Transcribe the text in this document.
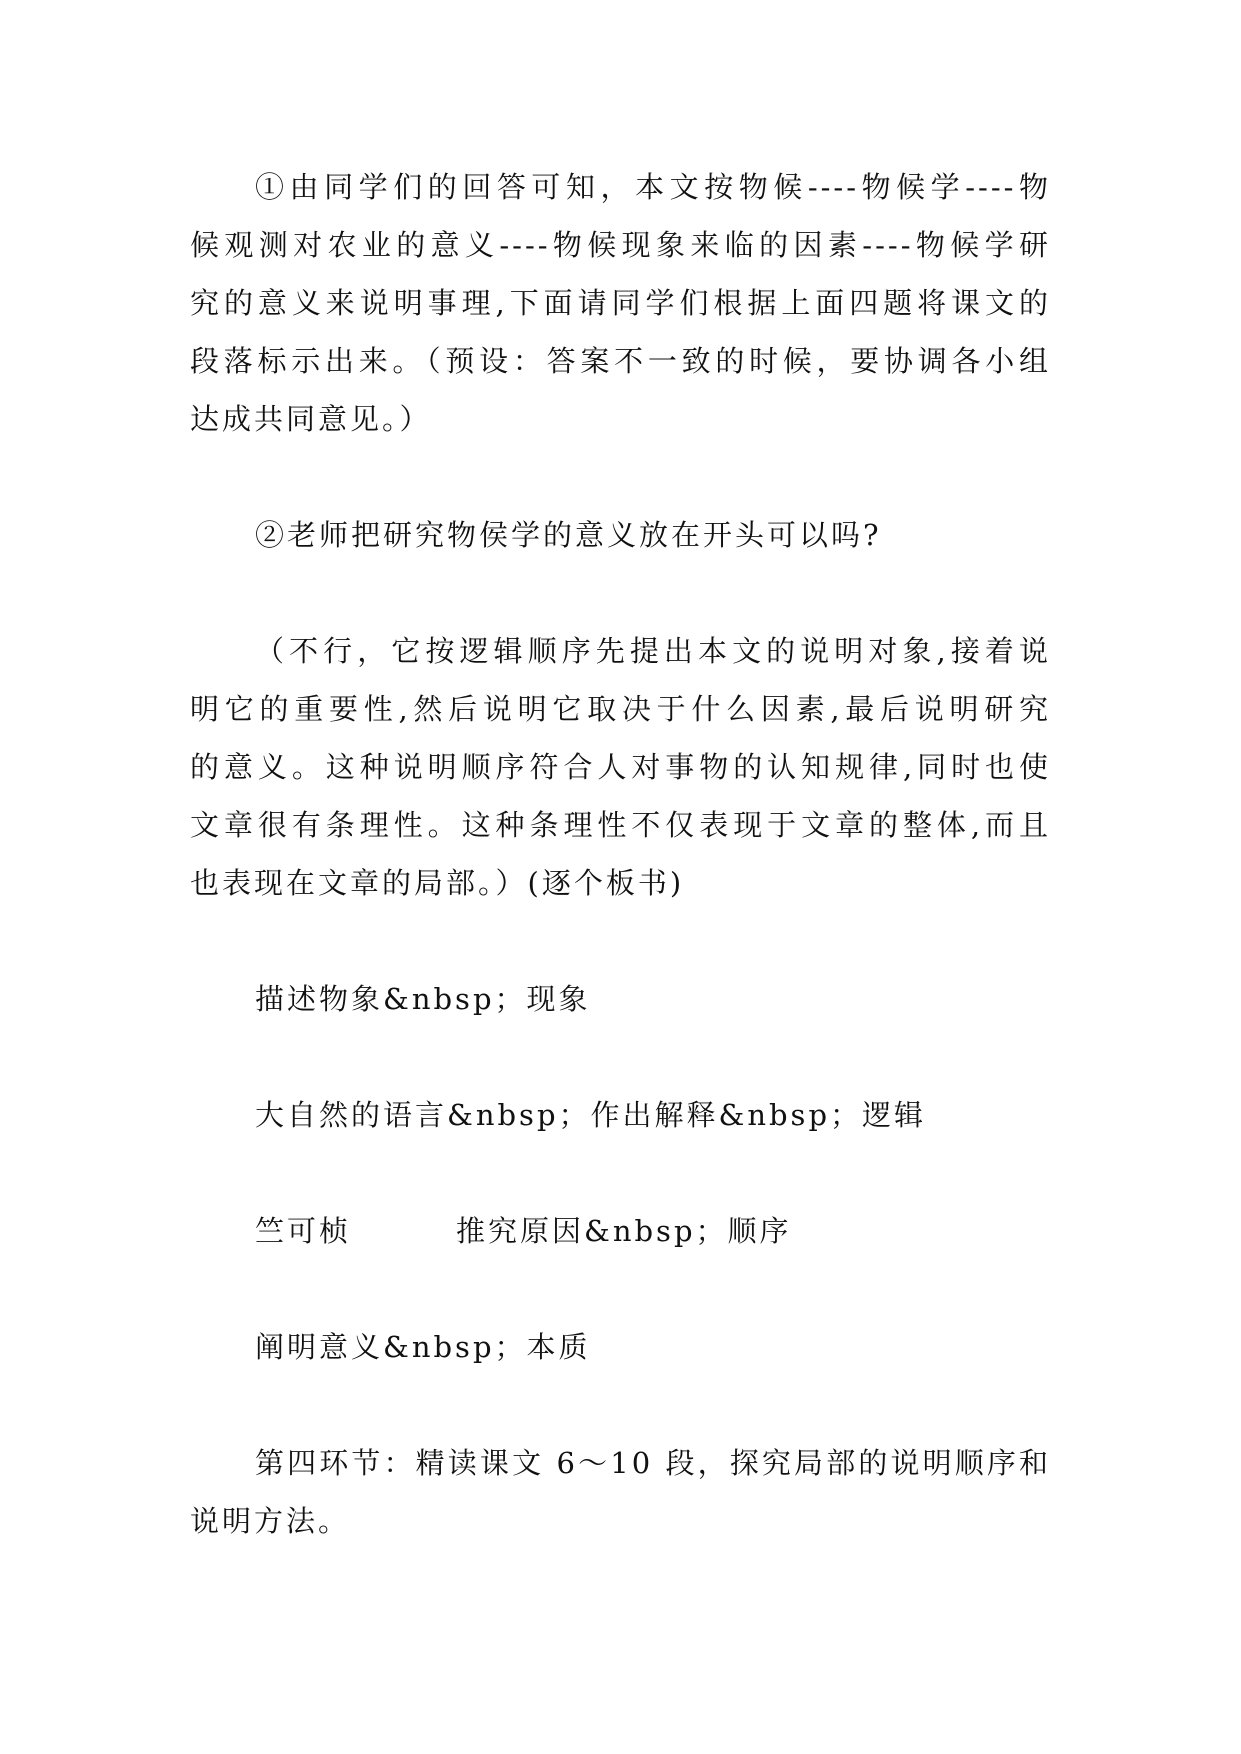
①由同学们的回答可知，本文按物候----物候学----物
候观测对农业的意义----物候现象来临的因素----物候学研
究的意义来说明事理,下面请同学们根据上面四题将课文的
段落标示出来。（预设：答案不一致的时候，要协调各小组
达成共同意见。）
②老师把研究物侯学的意义放在开头可以吗?
（不行，它按逻辑顺序先提出本文的说明对象,接着说
明它的重要性,然后说明它取决于什么因素,最后说明研究
的意义。这种说明顺序符合人对事物的认知规律,同时也使
文章很有条理性。这种条理性不仅表现于文章的整体,而且
也表现在文章的局部。）(逐个板书)
描述物象&nbsp；现象
大自然的语言&nbsp；作出解释&nbsp；逻辑
竺可桢	推究原因&nbsp；顺序
阐明意义&nbsp；本质
第四环节：精读课文 6～10 段，探究局部的说明顺序和
说明方法。
